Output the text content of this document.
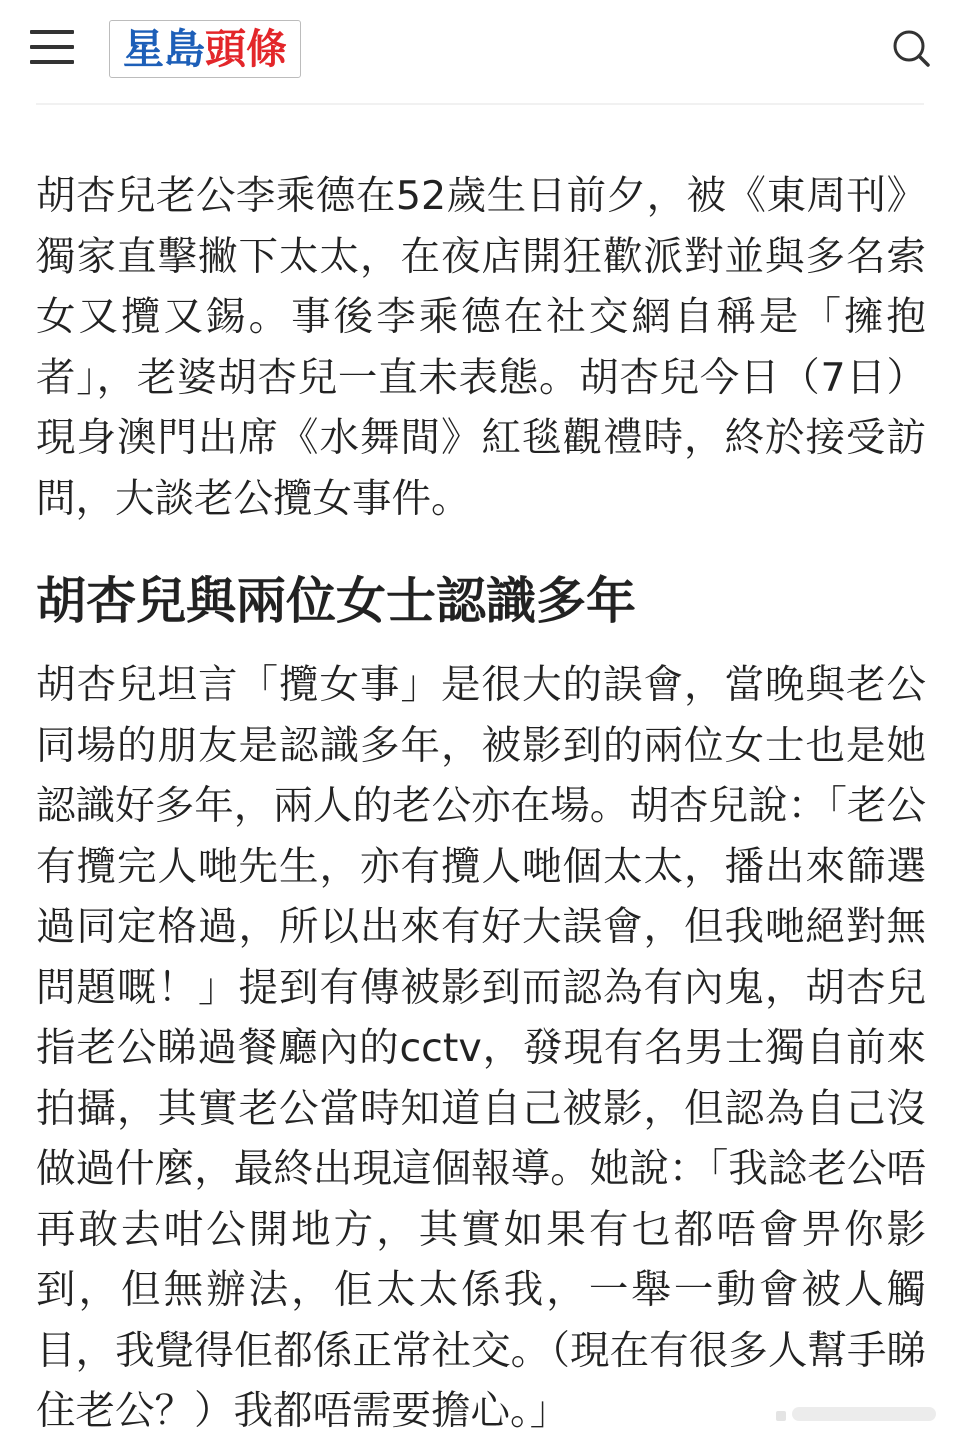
星島頭條

胡杏兒老公李乘德在52歲生日前夕，被《東周刊》獨家直擊撇下太太，在夜店開狂歡派對並與多名索女又攬又錫。事後李乘德在社交網自稱是「擁抱者」，老婆胡杏兒一直未表態。胡杏兒今日（7日）現身澳門出席《水舞間》紅毯觀禮時，終於接受訪問，大談老公攬女事件。

胡杏兒與兩位女士認識多年

胡杏兒坦言「攬女事」是很大的誤會，當晚與老公同場的朋友是認識多年，被影到的兩位女士也是她認識好多年，兩人的老公亦在場。胡杏兒說：「老公有攬完人哋先生，亦有攬人哋個太太，播出來篩選過同定格過，所以出來有好大誤會，但我哋絕對無問題嘅！」提到有傳被影到而認為有內鬼，胡杏兒指老公睇過餐廳內的cctv，發現有名男士獨自前來拍攝，其實老公當時知道自己被影，但認為自己沒做過什麼，最終出現這個報導。她說：「我諗老公唔再敢去咁公開地方，其實如果有乜都唔會畀你影到，但無辦法，佢太太係我，一舉一動會被人觸目，我覺得佢都係正常社交。（現在有很多人幫手睇住老公？）我都唔需要擔心。」
